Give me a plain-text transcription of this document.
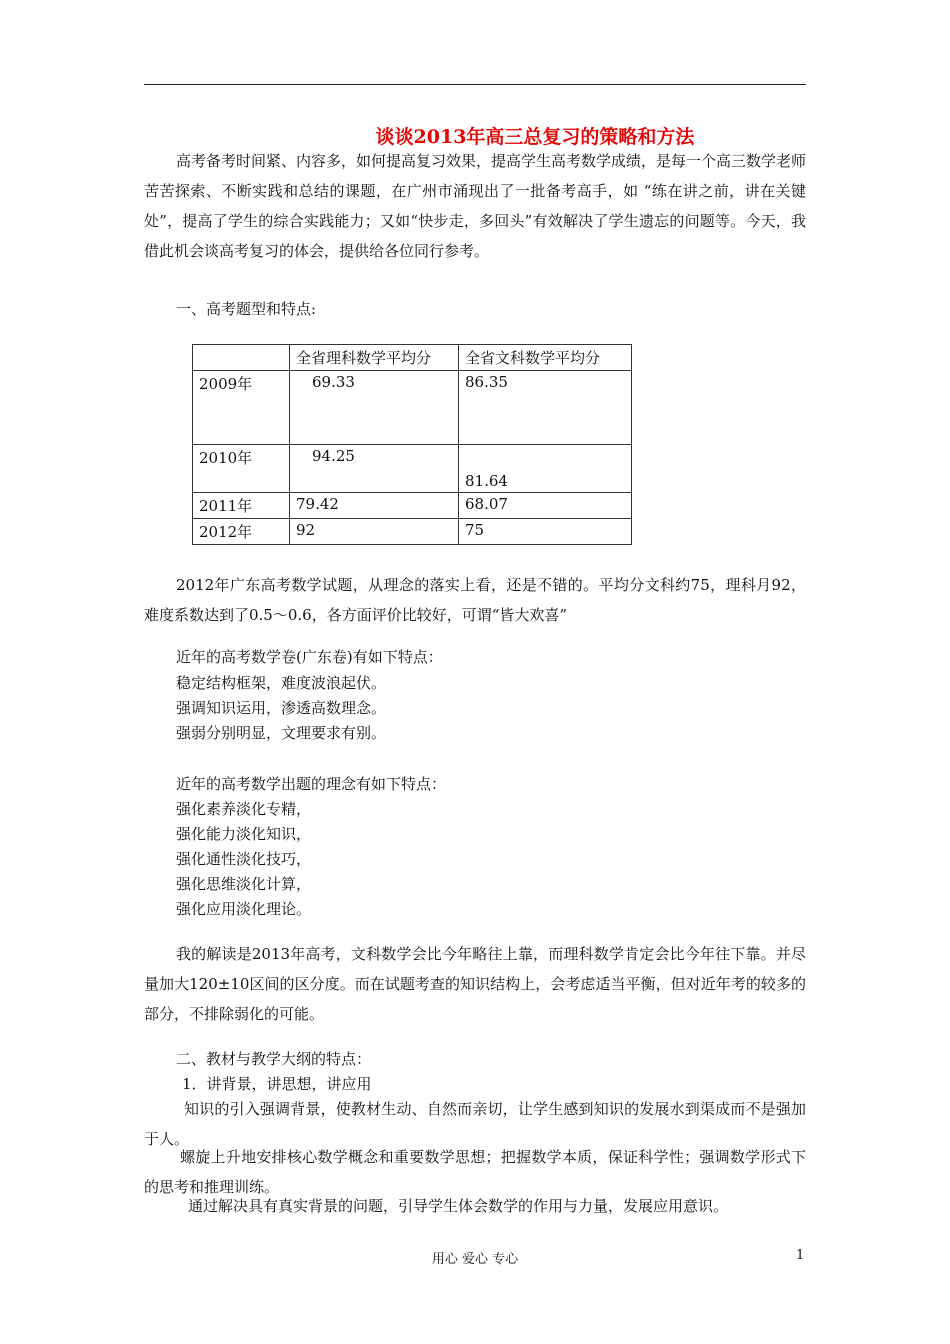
谈谈2013年高三总复习的策略和方法
高考备考时间紧、内容多，如何提高复习效果，提高学生高考数学成绩，是每一个高三数学老师苦苦探索、不断实践和总结的课题，在广州市涌现出了一批备考高手，如 “练在讲之前，讲在关键处”，提高了学生的综合实践能力；又如“快步走，多回头”有效解决了学生遗忘的问题等。今天，我借此机会谈高考复习的体会，提供给各位同行参考。
一、高考题型和特点:
	全省理科数学平均分	全省文科数学平均分
2009年	69.33	86.35
2010年	94.25	81.64
2011年	79.42	68.07
2012年	92	75
2012年广东高考数学试题，从理念的落实上看，还是不错的。平均分文科约75，理科月92，难度系数达到了0.5～0.6，各方面评价比较好，可谓“皆大欢喜”
近年的高考数学卷(广东卷)有如下特点：
稳定结构框架，难度波浪起伏。
强调知识运用，渗透高数理念。
强弱分别明显，文理要求有别。
近年的高考数学出题的理念有如下特点：
强化素养淡化专精，
强化能力淡化知识，
强化通性淡化技巧，
强化思维淡化计算，
强化应用淡化理论。
我的解读是2013年高考，文科数学会比今年略往上靠，而理科数学肯定会比今年往下靠。并尽量加大120±10区间的区分度。而在试题考查的知识结构上，会考虑适当平衡，但对近年考的较多的部分，不排除弱化的可能。
二、教材与教学大纲的特点：
1．讲背景，讲思想，讲应用
知识的引入强调背景，使教材生动、自然而亲切，让学生感到知识的发展水到渠成而不是强加于人。
螺旋上升地安排核心数学概念和重要数学思想；把握数学本质，保证科学性；强调数学形式下的思考和推理训练。
通过解决具有真实背景的问题，引导学生体会数学的作用与力量，发展应用意识。
用心 爱心 专心	1
